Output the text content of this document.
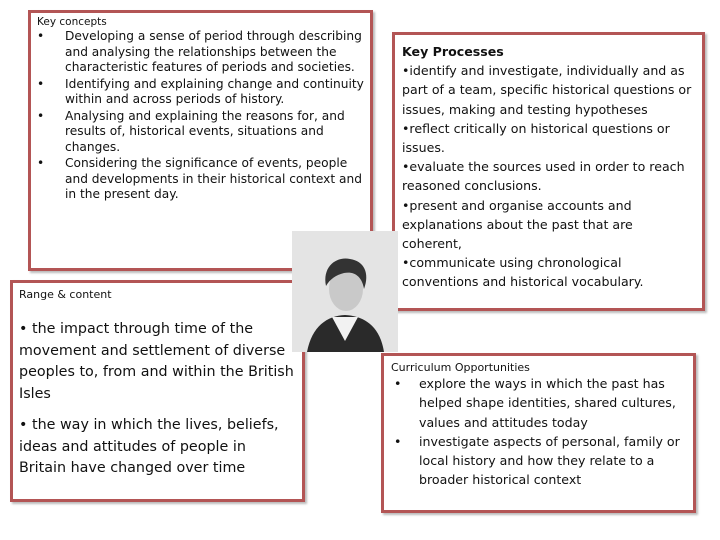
Key concepts
• Developing a sense of period through describing and analysing the relationships between the characteristic features of periods and societies.
• Identifying and explaining change and continuity within and across periods of history.
• Analysing and explaining the reasons for, and results of, historical events, situations and changes.
• Considering the significance of events, people and developments in their historical context and in the present day.
Key Processes
•identify and investigate, individually and as part of a team, specific historical questions or issues, making and testing hypotheses
•reflect critically on historical questions or issues.
•evaluate the sources used in order to reach reasoned conclusions.
•present and organise accounts and explanations about the past that are coherent,
•communicate using chronological conventions and historical vocabulary.
Range & content

• the impact through time of the movement and settlement of diverse peoples to, from and within the British Isles

• the way in which the lives, beliefs, ideas and attitudes of people in Britain have changed over time

Curriculum Opportunities
• explore the ways in which the past has helped shape identities, shared cultures, values and attitudes today
• investigate aspects of personal, family or local history and how they relate to a broader historical context
